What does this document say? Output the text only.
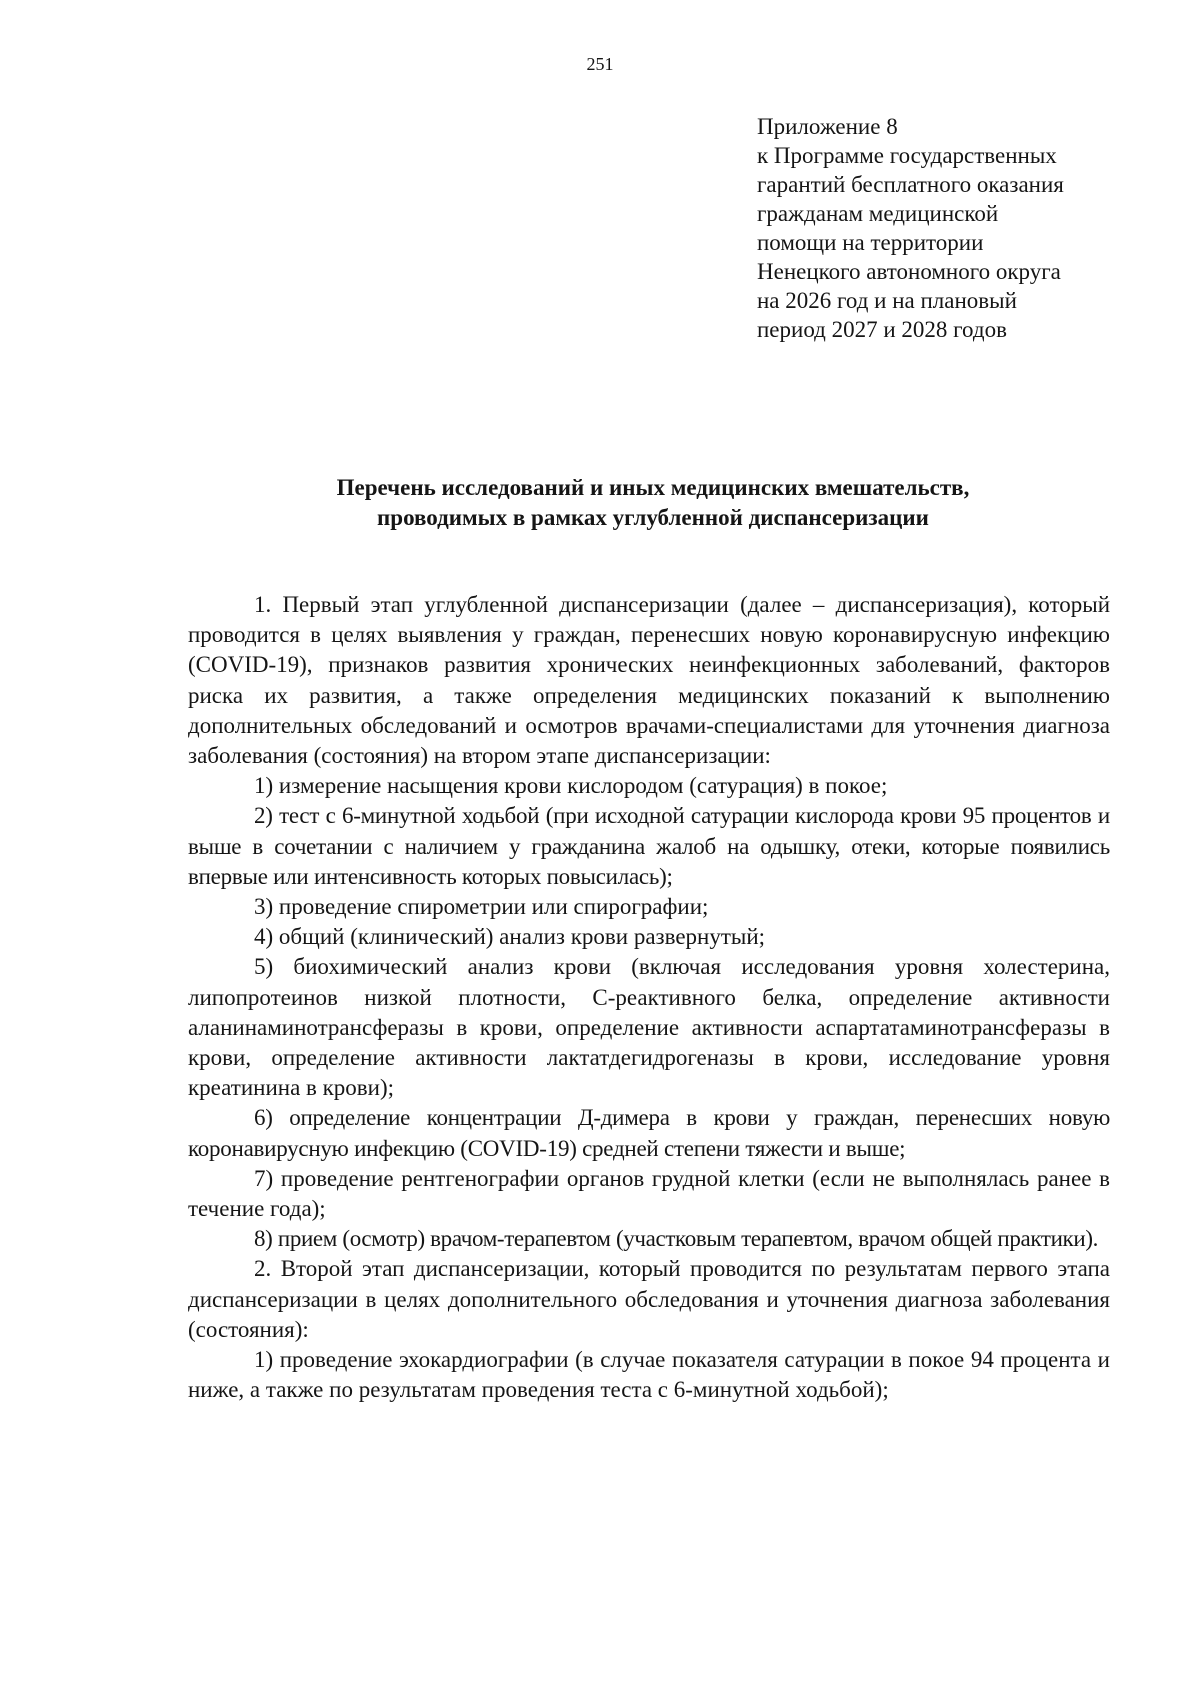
251
Приложение 8
к Программе государственных
гарантий бесплатного оказания
гражданам медицинской
помощи на территории
Ненецкого автономного округа
на 2026 год и на плановый
период 2027 и 2028 годов
Перечень исследований и иных медицинских вмешательств,
проводимых в рамках углубленной диспансеризации

1. Первый этап углубленной диспансеризации (далее – диспансеризация), который проводится в целях выявления у граждан, перенесших новую коронавирусную инфекцию (COVID-19), признаков развития хронических неинфекционных заболеваний, факторов риска их развития, а также определения медицинских показаний к выполнению дополнительных обследований и осмотров врачами-специалистами для уточнения диагноза заболевания (состояния) на втором этапе диспансеризации:

1) измерение насыщения крови кислородом (сатурация) в покое;

2) тест с 6-минутной ходьбой (при исходной сатурации кислорода крови 95 процентов и выше в сочетании с наличием у гражданина жалоб на одышку, отеки, которые появились впервые или интенсивность которых повысилась);

3) проведение спирометрии или спирографии;

4) общий (клинический) анализ крови развернутый;

5) биохимический анализ крови (включая исследования уровня холестерина, липопротеинов низкой плотности, С-реактивного белка, определение активности аланинаминотрансферазы в крови, определение активности аспартатаминотрансферазы в крови, определение активности лактатдегидрогеназы в крови, исследование уровня креатинина в крови);

6) определение концентрации Д-димера в крови у граждан, перенесших новую коронавирусную инфекцию (COVID-19) средней степени тяжести и выше;

7) проведение рентгенографии органов грудной клетки (если не выполнялась ранее в течение года);

8) прием (осмотр) врачом-терапевтом (участковым терапевтом, врачом общей практики).

2. Второй этап диспансеризации, который проводится по результатам первого этапа диспансеризации в целях дополнительного обследования и уточнения диагноза заболевания (состояния):

1) проведение эхокардиографии (в случае показателя сатурации в покое 94 процента и ниже, а также по результатам проведения теста с 6-минутной ходьбой);
